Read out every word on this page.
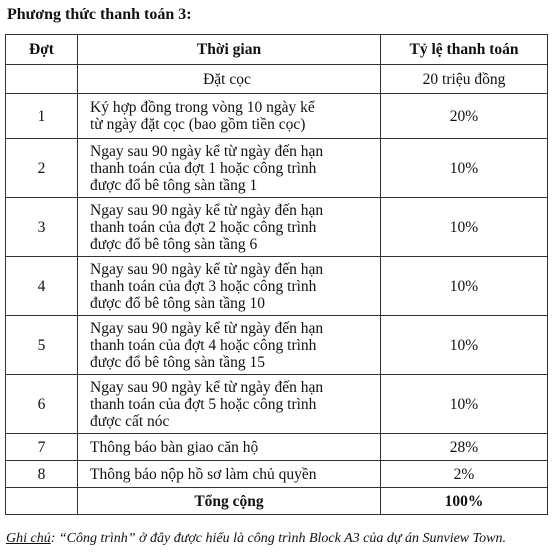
Phương thức thanh toán 3:
Đợt	Thời gian	Tỷ lệ thanh toán
	Đặt cọc	20 triệu đồng
1	Ký hợp đồng trong vòng 10 ngày kể
từ ngày đặt cọc (bao gồm tiền cọc)	20%
2	Ngay sau 90 ngày kể từ ngày đến hạn
thanh toán của đợt 1 hoặc công trình
được đổ bê tông sàn tầng 1	10%
3	Ngay sau 90 ngày kể từ ngày đến hạn
thanh toán của đợt 2 hoặc công trình
được đổ bê tông sàn tầng 6	10%
4	Ngay sau 90 ngày kể từ ngày đến hạn
thanh toán của đợt 3 hoặc công trình
được đổ bê tông sàn tầng 10	10%
5	Ngay sau 90 ngày kể từ ngày đến hạn
thanh toán của đợt 4 hoặc công trình
được đổ bê tông sàn tầng 15	10%
6	Ngay sau 90 ngày kể từ ngày đến hạn
thanh toán của đợt 5 hoặc công trình
được cất nóc	10%
7	Thông báo bàn giao căn hộ	28%
8	Thông báo nộp hồ sơ làm chủ quyền	2%
	Tổng cộng	100%
Ghi chú: “Công trình” ở đây được hiểu là công trình Block A3 của dự án Sunview Town.
